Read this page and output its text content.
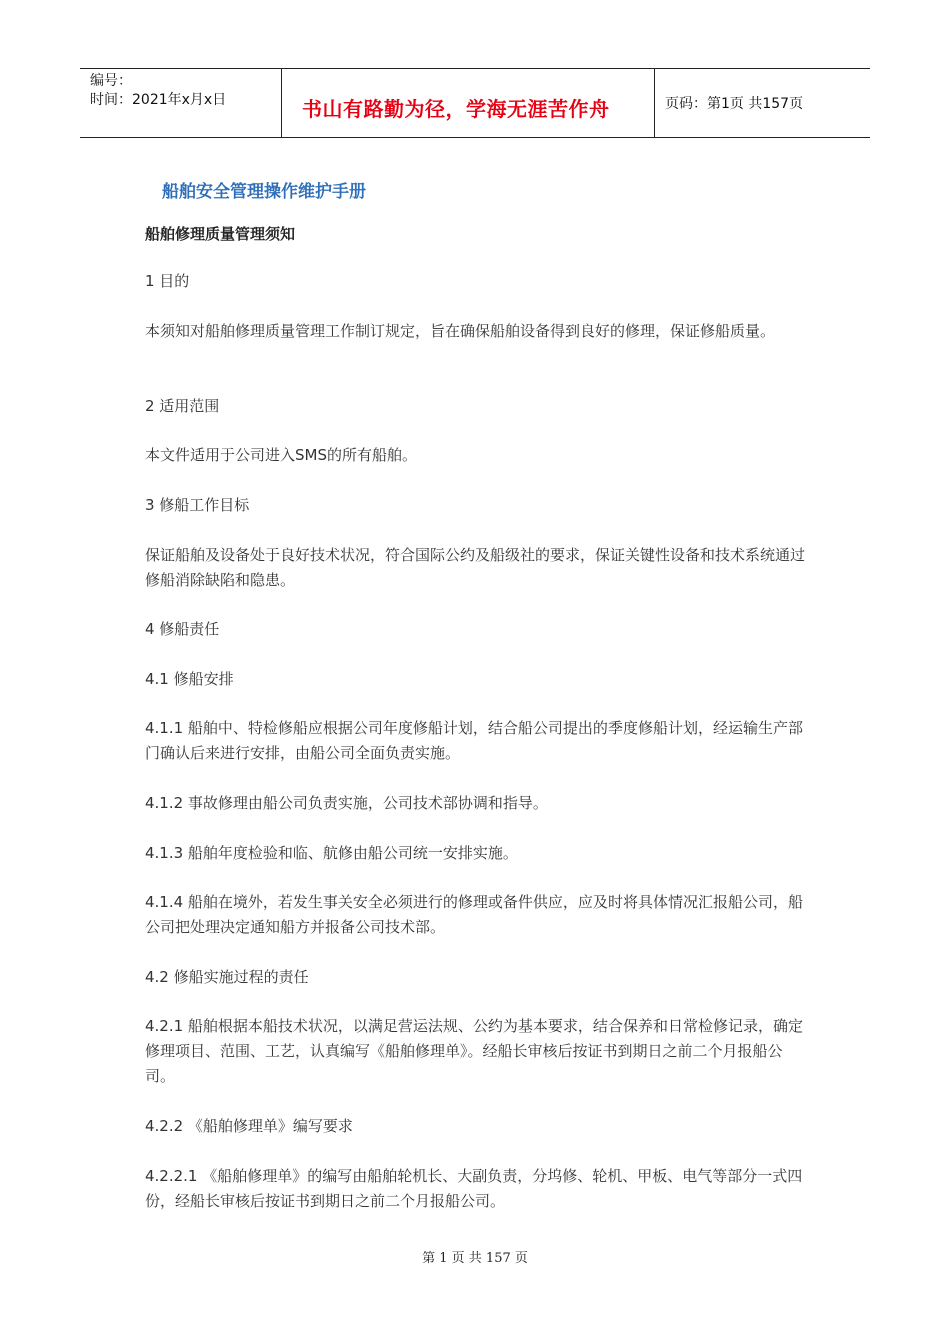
编号：
时间：2021年x月x日	书山有路勤为径，学海无涯苦作舟	页码：第1页 共157页
船舶安全管理操作维护手册
船舶修理质量管理须知
1 目的
本须知对船舶修理质量管理工作制订规定，旨在确保船舶设备得到良好的修理，保证修船质量。
2 适用范围
本文件适用于公司进入SMS的所有船舶。
3 修船工作目标
保证船舶及设备处于良好技术状况，符合国际公约及船级社的要求，保证关键性设备和技术系统通过修船消除缺陷和隐患。
4 修船责任
4.1 修船安排
4.1.1 船舶中、特检修船应根据公司年度修船计划，结合船公司提出的季度修船计划，经运输生产部门确认后来进行安排，由船公司全面负责实施。
4.1.2 事故修理由船公司负责实施，公司技术部协调和指导。
4.1.3 船舶年度检验和临、航修由船公司统一安排实施。
4.1.4 船舶在境外，若发生事关安全必须进行的修理或备件供应，应及时将具体情况汇报船公司，船公司把处理决定通知船方并报备公司技术部。
4.2 修船实施过程的责任
4.2.1 船舶根据本船技术状况，以满足营运法规、公约为基本要求，结合保养和日常检修记录，确定修理项目、范围、工艺，认真编写《船舶修理单》。经船长审核后按证书到期日之前二个月报船公司。
4.2.2 《船舶修理单》编写要求
4.2.2.1 《船舶修理单》的编写由船舶轮机长、大副负责，分坞修、轮机、甲板、电气等部分一式四份，经船长审核后按证书到期日之前二个月报船公司。
第 1 页 共 157 页
